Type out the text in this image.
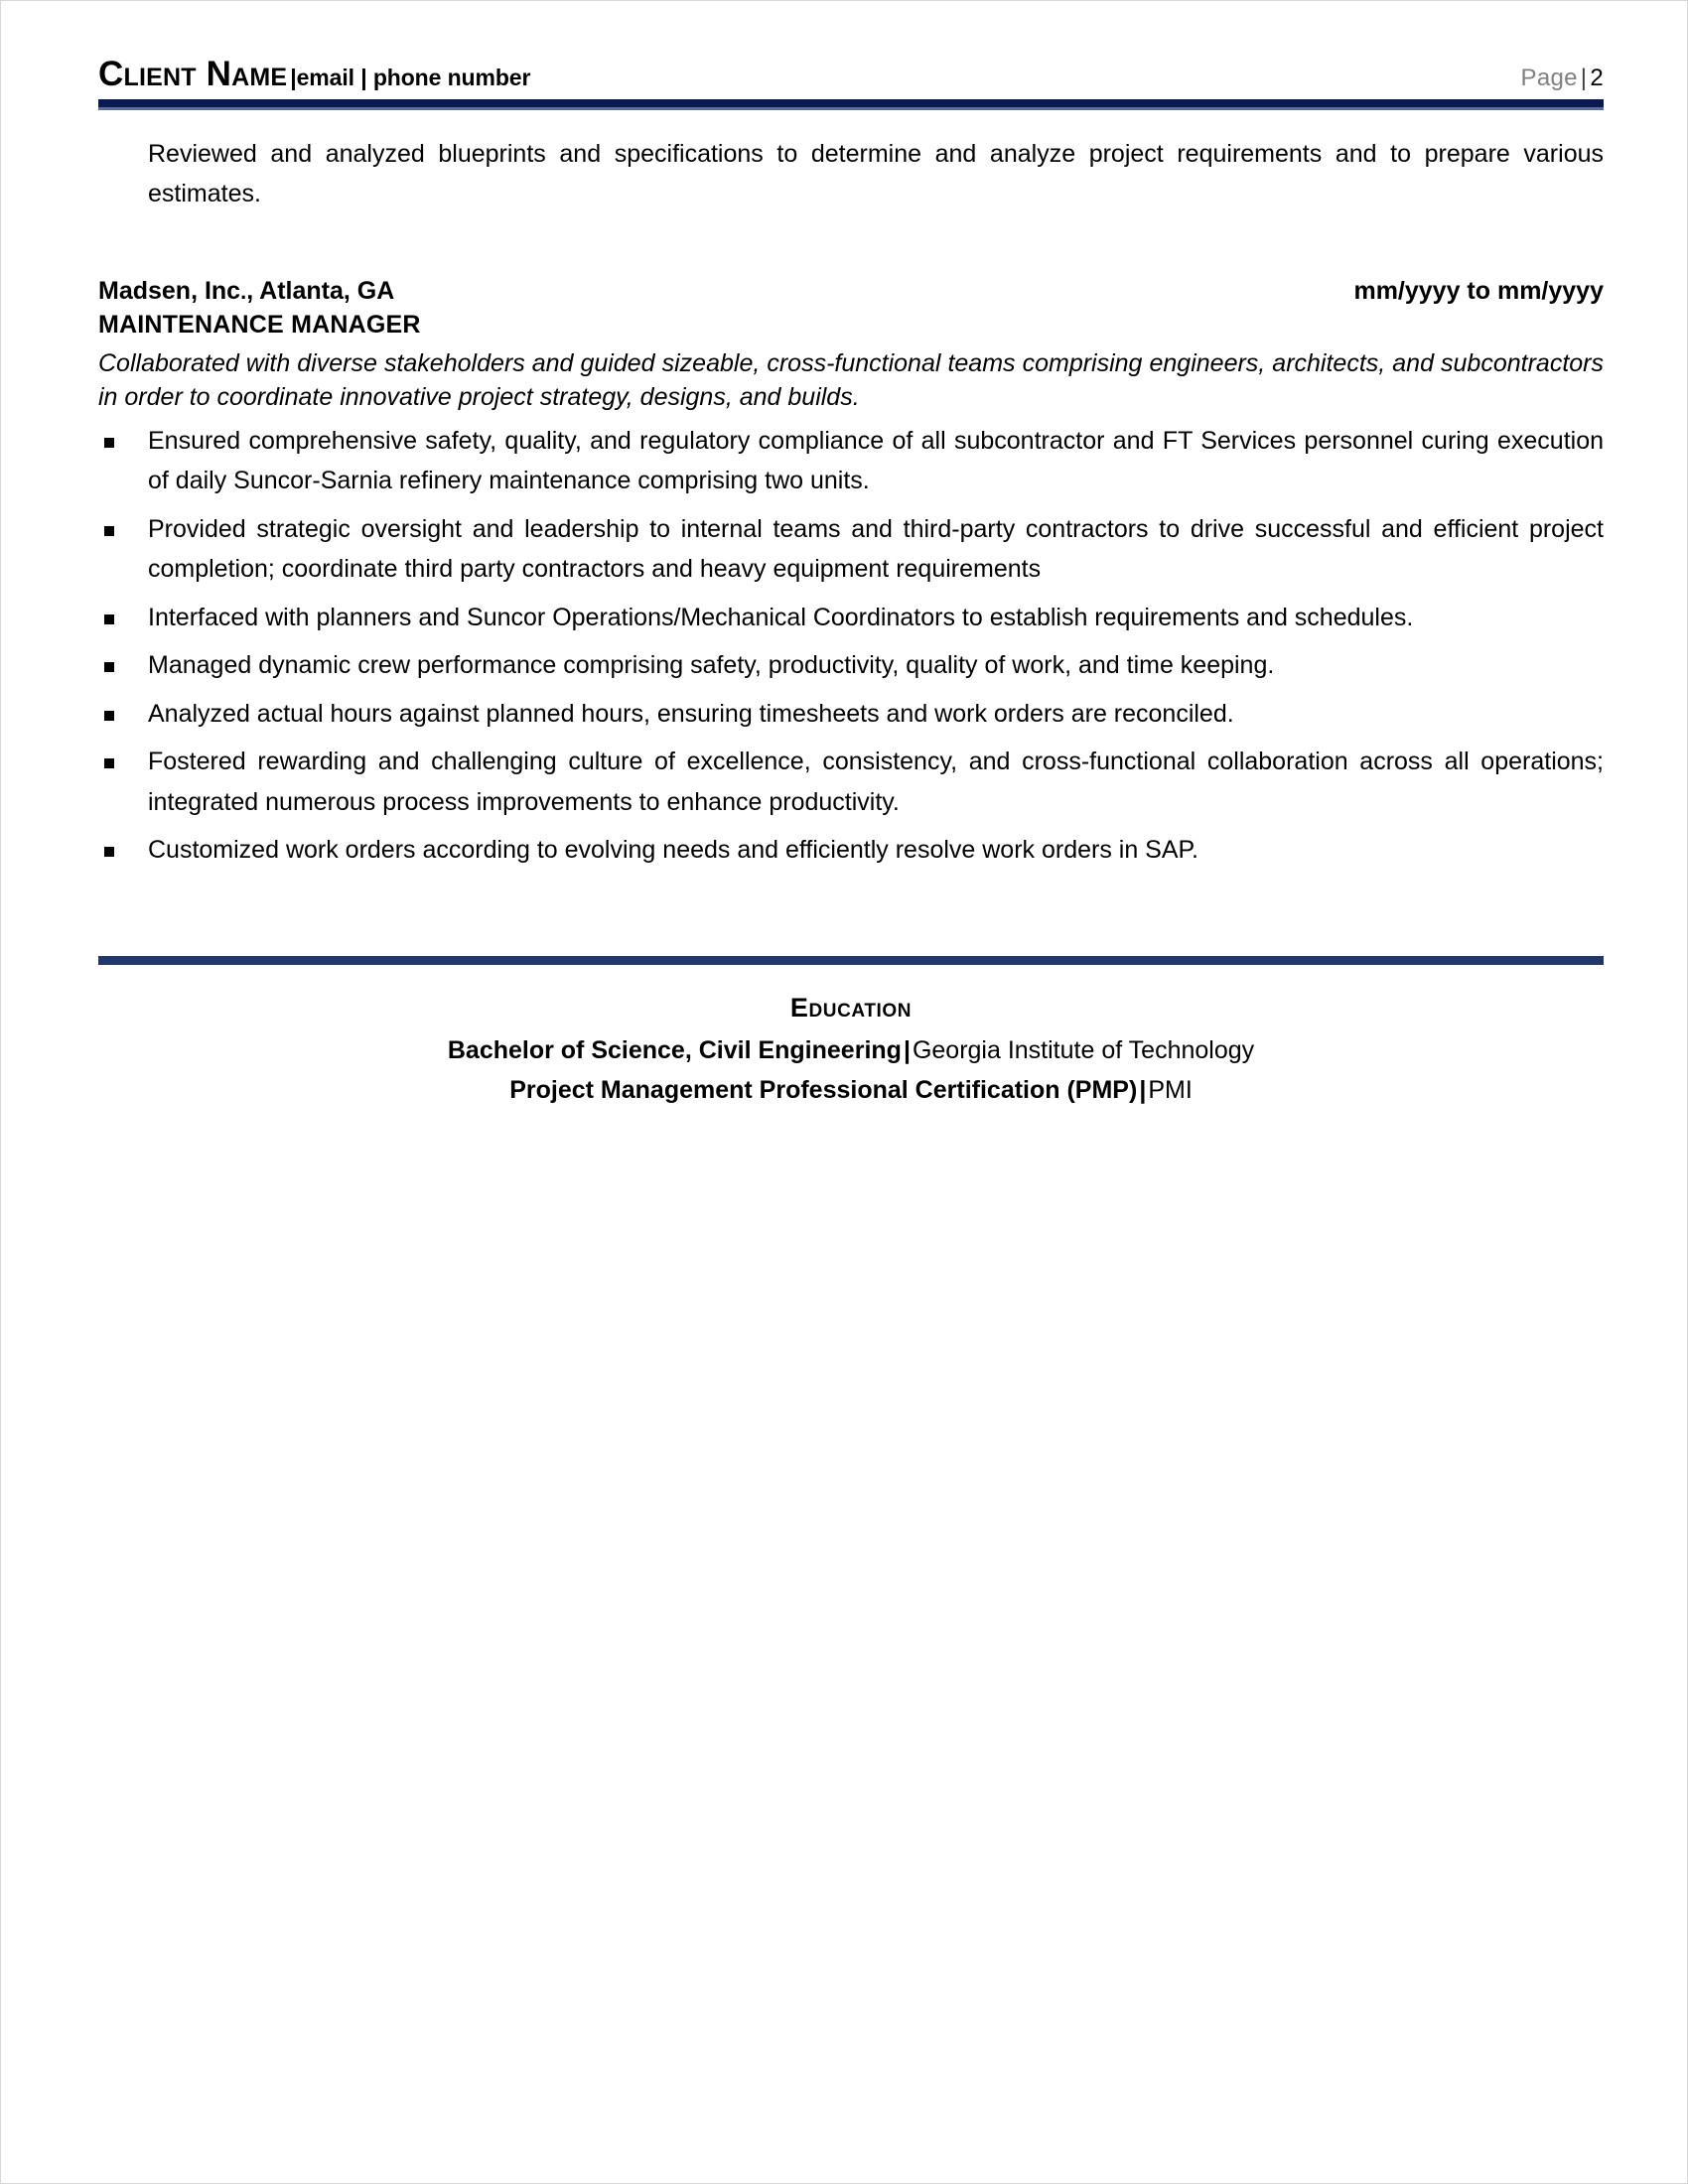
Client Name |email | phone number	Page | 2

Reviewed and analyzed blueprints and specifications to determine and analyze project requirements and to prepare various estimates.

Madsen, Inc., Atlanta, GA	mm/yyyy to mm/yyyy
MAINTENANCE MANAGER
Collaborated with diverse stakeholders and guided sizeable, cross-functional teams comprising engineers, architects, and subcontractors in order to coordinate innovative project strategy, designs, and builds.
Ensured comprehensive safety, quality, and regulatory compliance of all subcontractor and FT Services personnel curing execution of daily Suncor-Sarnia refinery maintenance comprising two units.
Provided strategic oversight and leadership to internal teams and third-party contractors to drive successful and efficient project completion; coordinate third party contractors and heavy equipment requirements
Interfaced with planners and Suncor Operations/Mechanical Coordinators to establish requirements and schedules.
Managed dynamic crew performance comprising safety, productivity, quality of work, and time keeping.
Analyzed actual hours against planned hours, ensuring timesheets and work orders are reconciled.
Fostered rewarding and challenging culture of excellence, consistency, and cross-functional collaboration across all operations; integrated numerous process improvements to enhance productivity.
Customized work orders according to evolving needs and efficiently resolve work orders in SAP.
Education
Bachelor of Science, Civil Engineering|Georgia Institute of Technology
Project Management Professional Certification (PMP)|PMI
